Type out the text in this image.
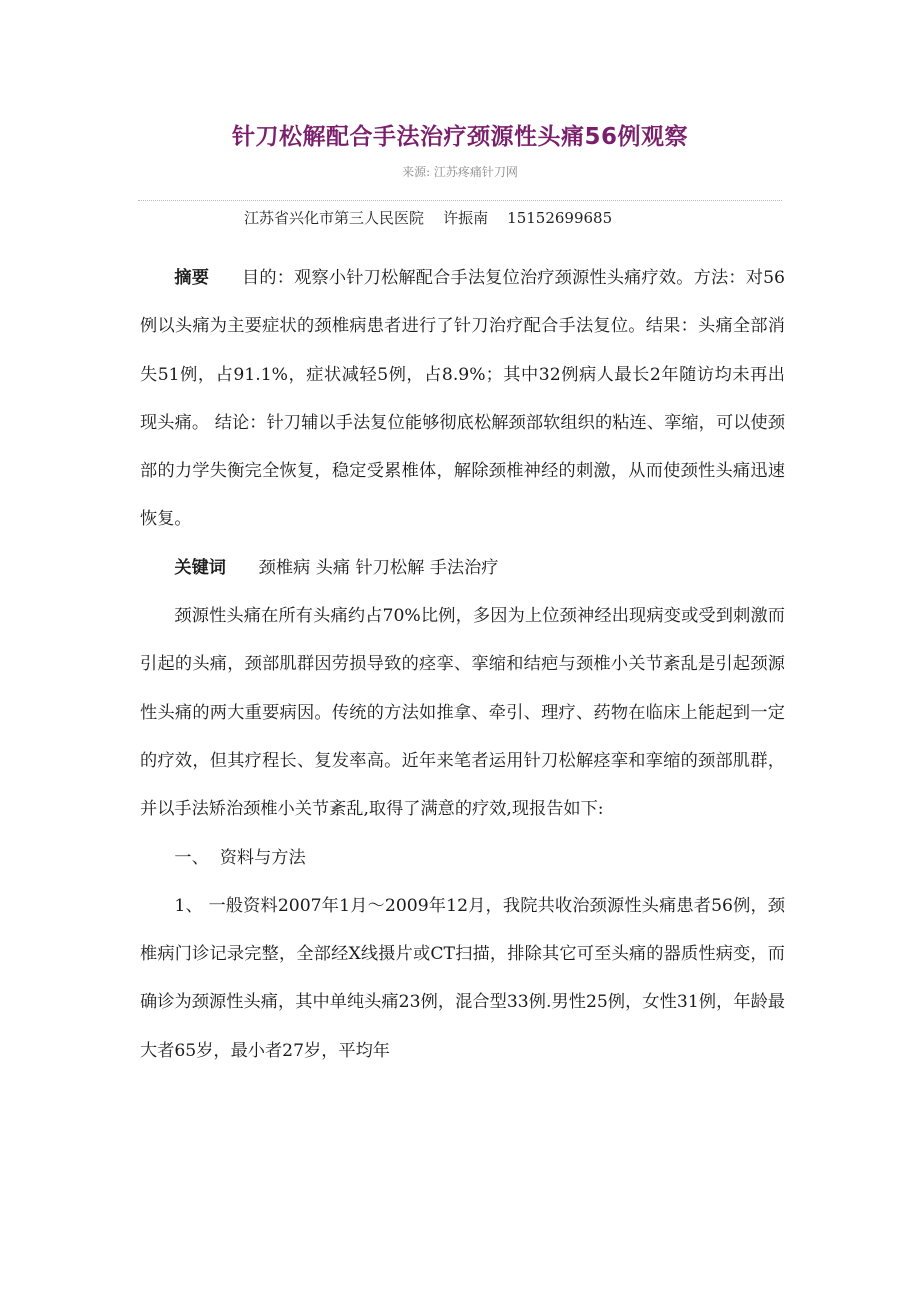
针刀松解配合手法治疗颈源性头痛56例观察
来源: 江苏疼痛针刀网
江苏省兴化市第三人民医院    许振南    15152699685

摘要 目的：观察小针刀松解配合手法复位治疗颈源性头痛疗效。方法：对56例以头痛为主要症状的颈椎病患者进行了针刀治疗配合手法复位。结果：头痛全部消失51例，占91.1%，症状减轻5例，占8.9%；其中32例病人最长2年随访均未再出现头痛。 结论：针刀辅以手法复位能够彻底松解颈部软组织的粘连、挛缩，可以使颈部的力学失衡完全恢复，稳定受累椎体，解除颈椎神经的刺激，从而使颈性头痛迅速恢复。

关键词 颈椎病 头痛 针刀松解 手法治疗

颈源性头痛在所有头痛约占70%比例，多因为上位颈神经出现病变或受到刺激而引起的头痛，颈部肌群因劳损导致的痉挛、挛缩和结疤与颈椎小关节紊乱是引起颈源性头痛的两大重要病因。传统的方法如推拿、牵引、理疗、药物在临床上能起到一定的疗效，但其疗程长、复发率高。近年来笔者运用针刀松解痉挛和挛缩的颈部肌群，并以手法矫治颈椎小关节紊乱,取得了满意的疗效,现报告如下:

一、  资料与方法

1、 一般资料2007年1月～2009年12月，我院共收治颈源性头痛患者56例，颈椎病门诊记录完整，全部经X线摄片或CT扫描，排除其它可至头痛的器质性病变，而确诊为颈源性头痛，其中单纯头痛23例，混合型33例.男性25例，女性31例，年龄最大者65岁，最小者27岁，平均年
